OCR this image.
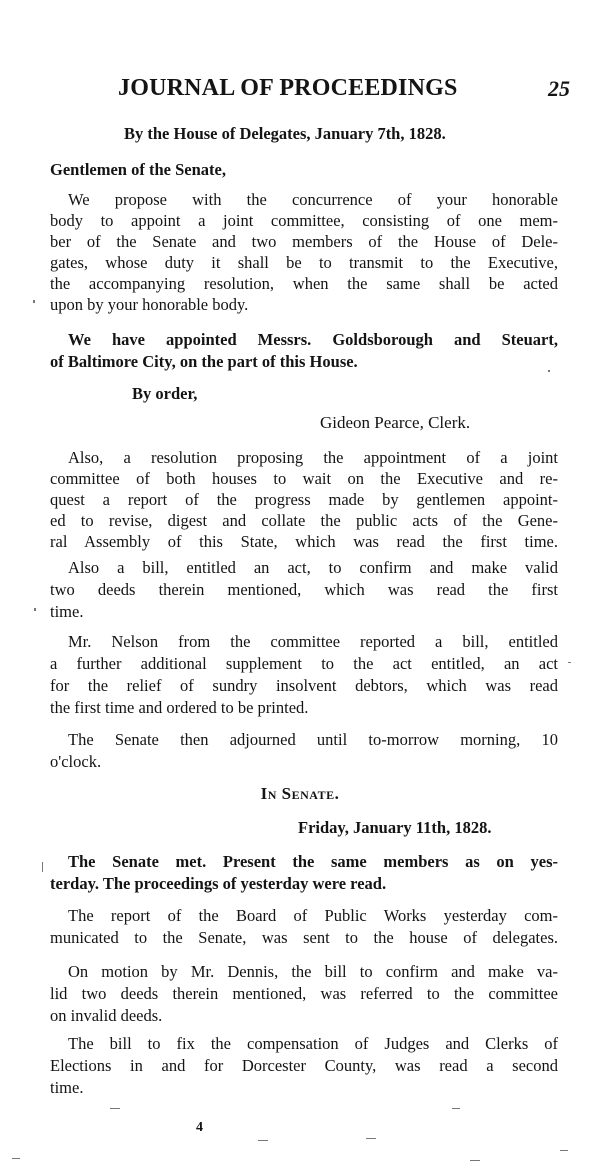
JOURNAL OF PROCEEDINGS	25
By the House of Delegates, January 7th, 1828.
Gentlemen of the Senate,
We propose with the concurrence of your honorable
body to appoint a joint committee, consisting of one mem-
ber of the Senate and two members of the House of Dele-
gates, whose duty it shall be to transmit to the Executive,
the accompanying resolution, when the same shall be acted
upon by your honorable body.
We have appointed Messrs. Goldsborough and Steuart,
of Baltimore City, on the part of this House.
By order,
Gideon Pearce, Clerk.
Also, a resolution proposing the appointment of a joint
committee of both houses to wait on the Executive and re-
quest a report of the progress made by gentlemen appoint-
ed to revise, digest and collate the public acts of the Gene-
ral Assembly of this State, which was read the first time.
Also a bill, entitled an act, to confirm and make valid
two deeds therein mentioned, which was read the first
time.
Mr. Nelson from the committee reported a bill, entitled
a further additional supplement to the act entitled, an act
for the relief of sundry insolvent debtors, which was read
the first time and ordered to be printed.
The Senate then adjourned until to-morrow morning, 10
o'clock.
In Senate.
Friday, January 11th, 1828.
The Senate met. Present the same members as on yes-
terday. The proceedings of yesterday were read.
The report of the Board of Public Works yesterday com-
municated to the Senate, was sent to the house of delegates.
On motion by Mr. Dennis, the bill to confirm and make va-
lid two deeds therein mentioned, was referred to the committee
on invalid deeds.
The bill to fix the compensation of Judges and Clerks of
Elections in and for Dorcester County, was read a second
time.
4
